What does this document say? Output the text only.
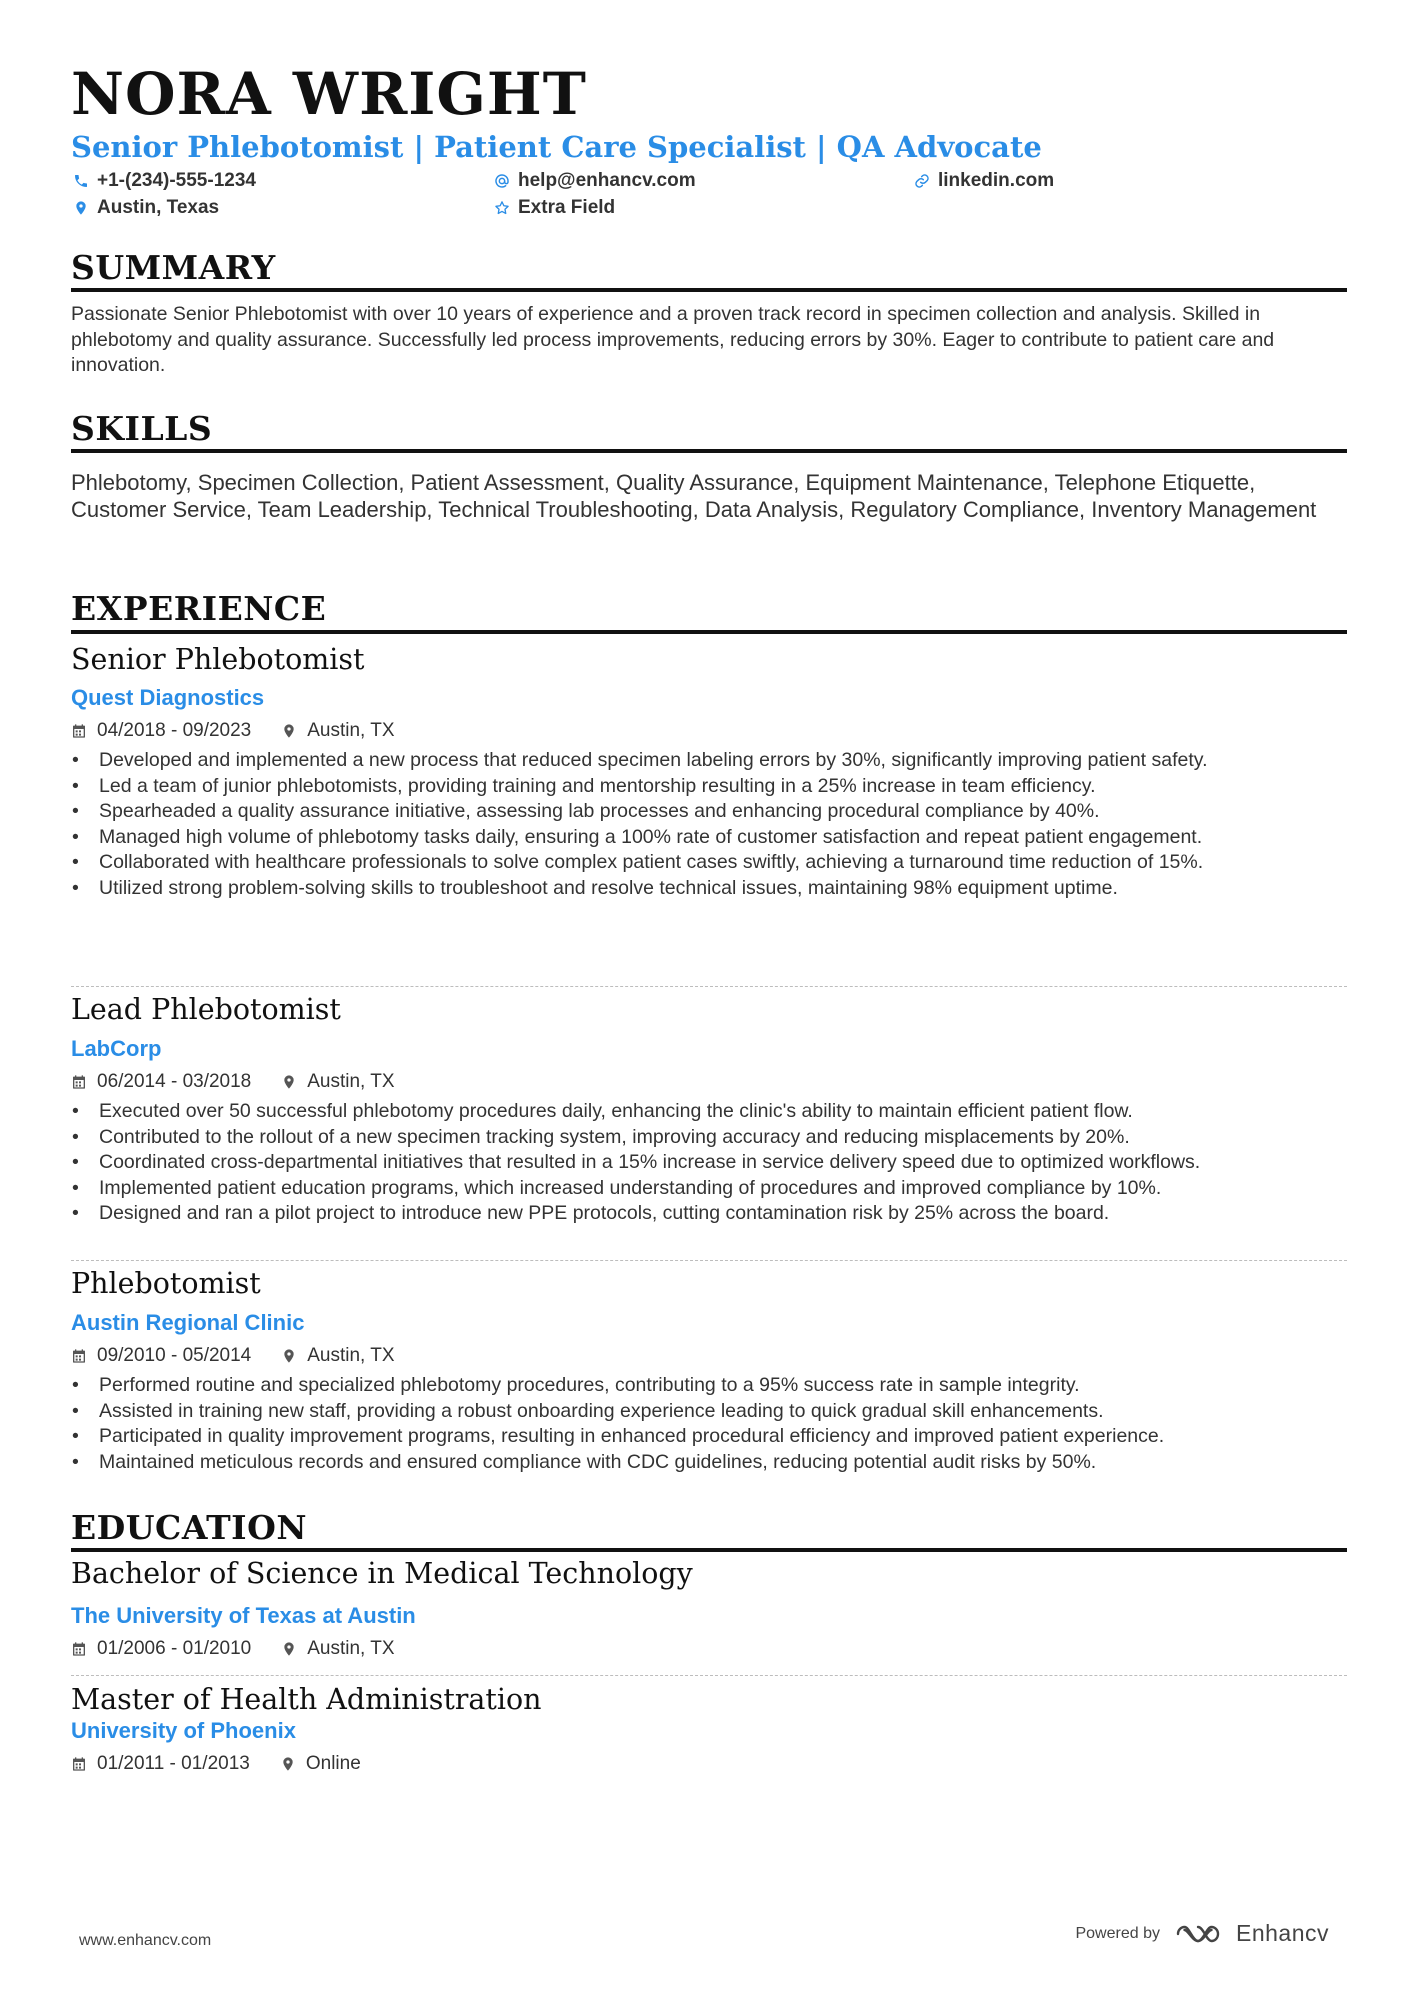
NORA WRIGHT
Senior Phlebotomist | Patient Care Specialist | QA Advocate
+1-(234)-555-1234	help@enhancv.com	linkedin.com
Austin, Texas	Extra Field
SUMMARY
Passionate Senior Phlebotomist with over 10 years of experience and a proven track record in specimen collection and analysis. Skilled in phlebotomy and quality assurance. Successfully led process improvements, reducing errors by 30%. Eager to contribute to patient care and innovation.
SKILLS
Phlebotomy, Specimen Collection, Patient Assessment, Quality Assurance, Equipment Maintenance, Telephone Etiquette, Customer Service, Team Leadership, Technical Troubleshooting, Data Analysis, Regulatory Compliance, Inventory Management
EXPERIENCE
Senior Phlebotomist
Quest Diagnostics
04/2018 - 09/2023	Austin, TX
• Developed and implemented a new process that reduced specimen labeling errors by 30%, significantly improving patient safety.
• Led a team of junior phlebotomists, providing training and mentorship resulting in a 25% increase in team efficiency.
• Spearheaded a quality assurance initiative, assessing lab processes and enhancing procedural compliance by 40%.
• Managed high volume of phlebotomy tasks daily, ensuring a 100% rate of customer satisfaction and repeat patient engagement.
• Collaborated with healthcare professionals to solve complex patient cases swiftly, achieving a turnaround time reduction of 15%.
• Utilized strong problem-solving skills to troubleshoot and resolve technical issues, maintaining 98% equipment uptime.
Lead Phlebotomist
LabCorp
06/2014 - 03/2018	Austin, TX
• Executed over 50 successful phlebotomy procedures daily, enhancing the clinic's ability to maintain efficient patient flow.
• Contributed to the rollout of a new specimen tracking system, improving accuracy and reducing misplacements by 20%.
• Coordinated cross-departmental initiatives that resulted in a 15% increase in service delivery speed due to optimized workflows.
• Implemented patient education programs, which increased understanding of procedures and improved compliance by 10%.
• Designed and ran a pilot project to introduce new PPE protocols, cutting contamination risk by 25% across the board.
Phlebotomist
Austin Regional Clinic
09/2010 - 05/2014	Austin, TX
• Performed routine and specialized phlebotomy procedures, contributing to a 95% success rate in sample integrity.
• Assisted in training new staff, providing a robust onboarding experience leading to quick gradual skill enhancements.
• Participated in quality improvement programs, resulting in enhanced procedural efficiency and improved patient experience.
• Maintained meticulous records and ensured compliance with CDC guidelines, reducing potential audit risks by 50%.
EDUCATION
Bachelor of Science in Medical Technology
The University of Texas at Austin
01/2006 - 01/2010	Austin, TX
Master of Health Administration
University of Phoenix
01/2011 - 01/2013	Online
www.enhancv.com	Powered by	Enhancv
